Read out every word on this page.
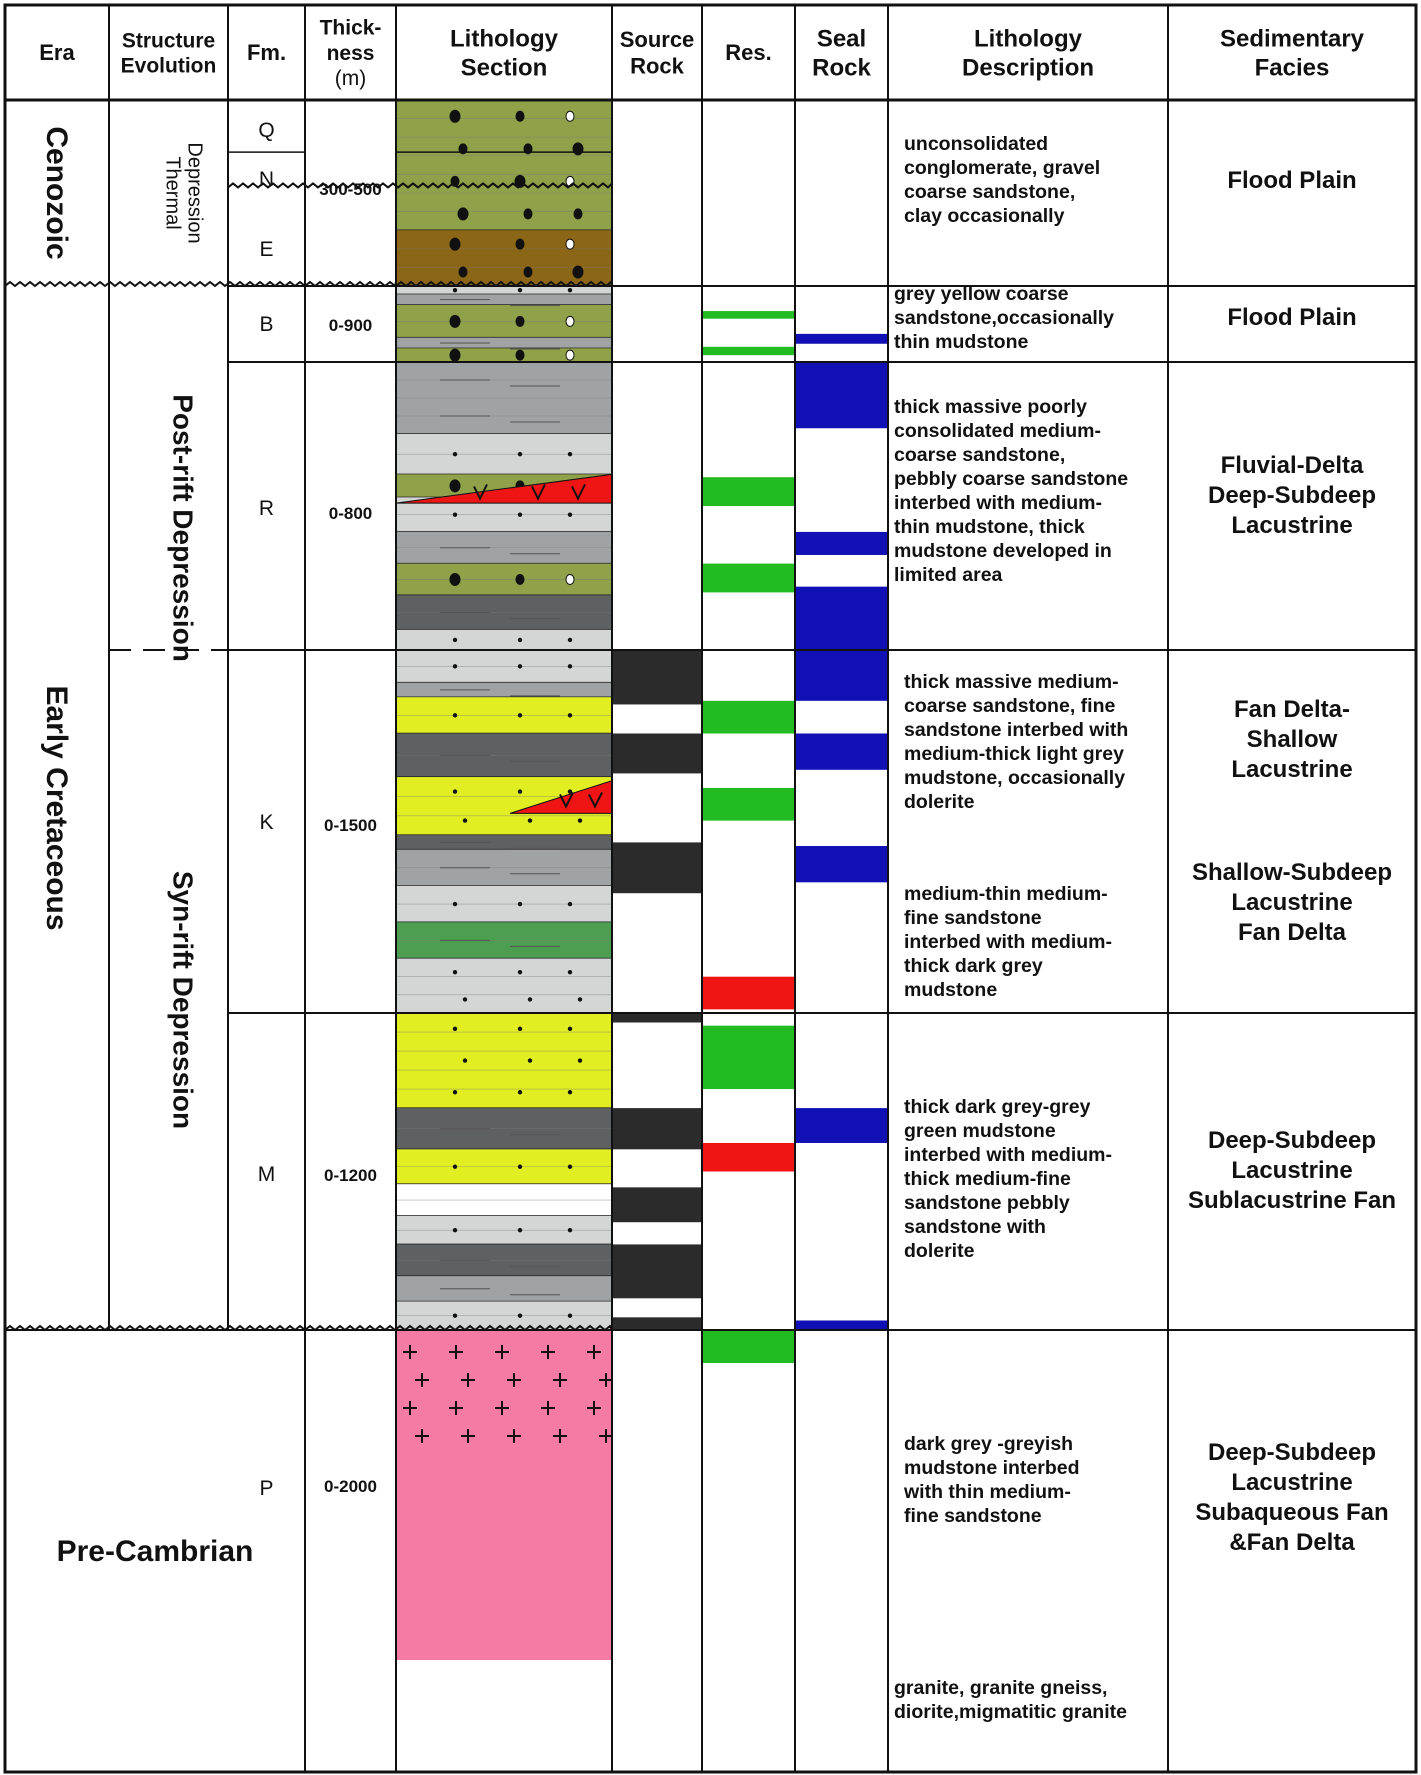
Era Structure
Evolution
Fm.
Thick-
ness
(m)
Lithology
Section
Source
Rock
Res.
Seal
Rock
Lithology
Description
Sedimentary
Facies
Cenozoic
Early Cretaceous
Pre-Cambrian
Thermal Depression
Post-rift Depression
Syn-rift Depression
Q
N
E
B
R
K
M
P
300-500
0-900
0-800
0-1500
0-1200
0-2000
unconsolidated
conglomerate, gravel
coarse sandstone,
clay occasionally
grey yellow coarse
sandstone,occasionally
thin mudstone
thick massive poorly
consolidated medium-
coarse sandstone,
pebbly coarse sandstone
interbed with medium-
thin mudstone, thick
mudstone developed in
limited area
thick massive medium-
coarse sandstone, fine
sandstone interbed with
medium-thick light grey
mudstone, occasionally
dolerite
medium-thin medium-
fine sandstone
interbed with medium-
thick dark grey
mudstone
thick dark grey-grey
green mudstone
interbed with medium-
thick medium-fine
sandstone pebbly
sandstone with
dolerite
dark grey -greyish
mudstone interbed
with thin medium-
fine sandstone
granite, granite gneiss,
diorite,migmatitic granite
Flood Plain
Flood Plain
Fluvial-Delta
Deep-Subdeep
Lacustrine
Fan Delta-
Shallow
Lacustrine
Shallow-Subdeep
Lacustrine
Fan Delta
Deep-Subdeep
Lacustrine
Sublacustrine Fan
Deep-Subdeep
Lacustrine
Subaqueous Fan
&Fan Delta
